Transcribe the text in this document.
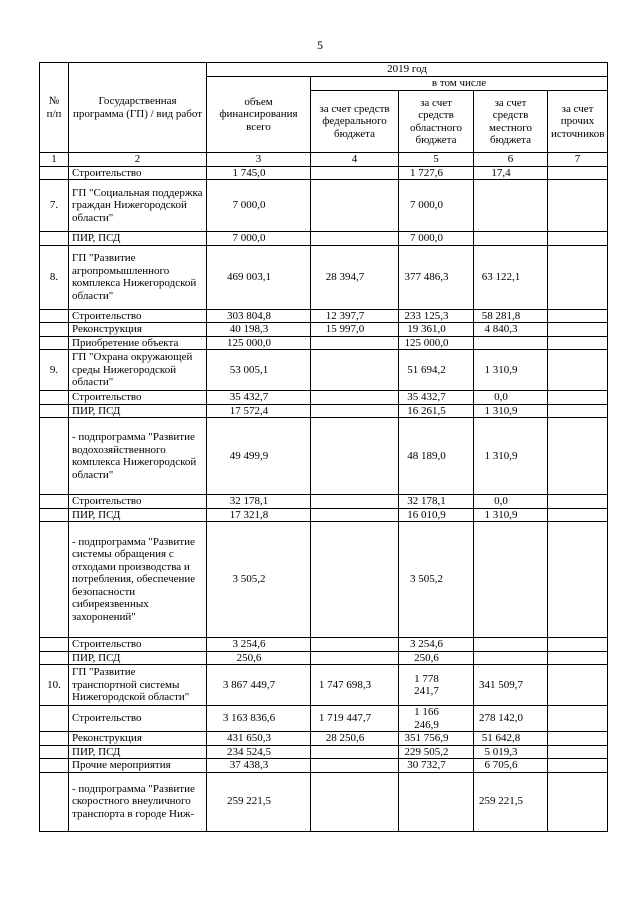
5
№ п/п	Государственная программа (ГП) / вид работ	2019 год				
		объем финансирования всего	в том числе			
			за счет средств федерального бюджета	за счет средств областного бюджета	за счет средств местного бюджета	за счет прочих источников
1	2	3	4	5	6	7
	Строительство	1 745,0		1 727,6	17,4	
7.	ГП "Социальная поддержка граждан Нижегородской области"	7 000,0		7 000,0		
	ПИР, ПСД	7 000,0		7 000,0		
8.	ГП "Развитие агропромышленного комплекса Нижегородской области"	469 003,1	28 394,7	377 486,3	63 122,1	
	Строительство	303 804,8	12 397,7	233 125,3	58 281,8	
	Реконструкция	40 198,3	15 997,0	19 361,0	4 840,3	
	Приобретение объекта	125 000,0		125 000,0		
9.	ГП "Охрана окружающей среды Нижегородской области"	53 005,1		51 694,2	1 310,9	
	Строительство	35 432,7		35 432,7	0,0	
	ПИР, ПСД	17 572,4		16 261,5	1 310,9	
	- подпрограмма "Развитие водохозяйственного комплекса Нижегородской области"	49 499,9		48 189,0	1 310,9	
	Строительство	32 178,1		32 178,1	0,0	
	ПИР, ПСД	17 321,8		16 010,9	1 310,9	
	- подпрограмма "Развитие системы обращения с отходами производства и потребления, обеспечение безопасности сибиреязвенных захоронений"	3 505,2		3 505,2		
	Строительство	3 254,6		3 254,6		
	ПИР, ПСД	250,6		250,6		
10.	ГП "Развитие транспортной системы Нижегородской области"	3 867 449,7	1 747 698,3	1 778 241,7	341 509,7	
	Строительство	3 163 836,6	1 719 447,7	1 166 246,9	278 142,0	
	Реконструкция	431 650,3	28 250,6	351 756,9	51 642,8	
	ПИР, ПСД	234 524,5		229 505,2	5 019,3	
	Прочие мероприятия	37 438,3		30 732,7	6 705,6	
	- подпрограмма "Развитие скоростного внеуличного транспорта в городе Ниж-	259 221,5			259 221,5	
